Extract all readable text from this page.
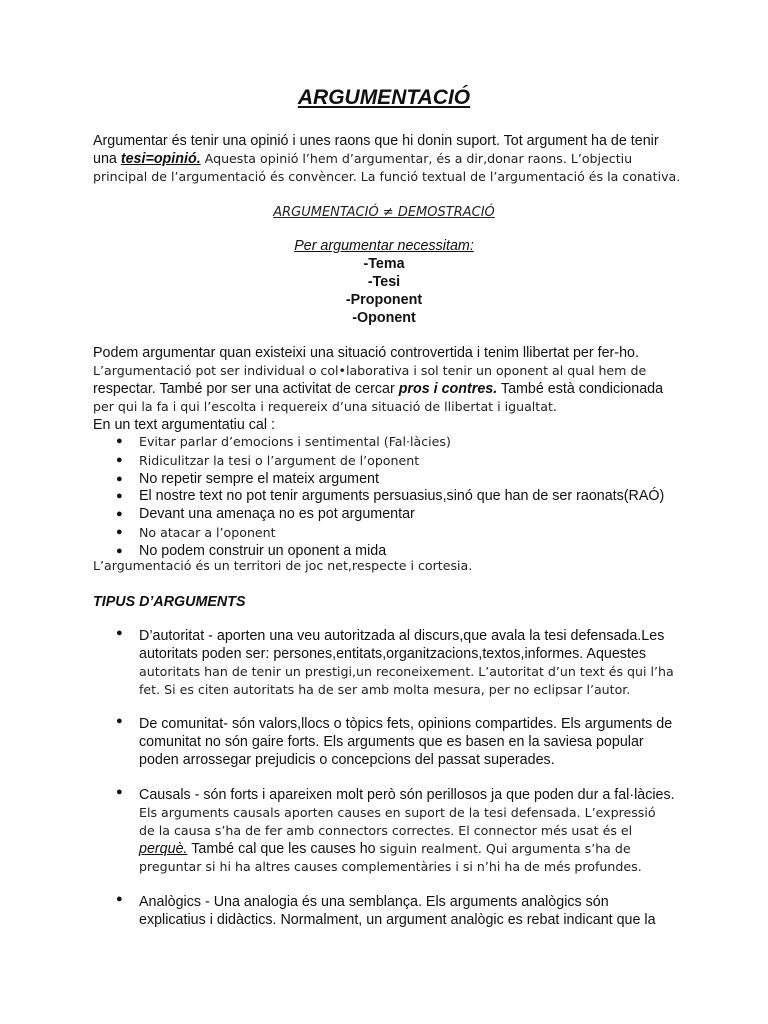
ARGUMENTACIÓ

Argumentar és tenir una opinió i unes raons que hi donin suport. Tot argument ha de tenir
una tesi=opinió. Aquesta opinió l’hem d’argumentar, és a dir,donar raons. L’objectiu
principal de l’argumentació és convèncer. La funció textual de l’argumentació és la conativa.

ARGUMENTACIÓ ≠ DEMOSTRACIÓ

Per argumentar necessitam:

-Tema
-Tesi
-Proponent
-Oponent

Podem argumentar quan existeixi una situació controvertida i tenim llibertat per fer-ho.
L’argumentació pot ser individual o col•laborativa i sol tenir un oponent al qual hem de
respectar. També por ser una activitat de cercar pros i contres. També està condicionada
per qui la fa i qui l’escolta i requereix d’una situació de llibertat i igualtat.
En un text argumentatiu cal :

● Evitar parlar d’emocions i sentimental (Fal·làcies)
● Ridiculitzar la tesi o l’argument de l’oponent
● No repetir sempre el mateix argument
● El nostre text no pot tenir arguments persuasius,sinó que han de ser raonats(RAÓ)
● Devant una amenaça no es pot argumentar
● No atacar a l’oponent
● No podem construir un oponent a mida

L’argumentació és un territori de joc net,respecte i cortesia.

TIPUS D’ARGUMENTS
● D’autoritat - aporten una veu autoritzada al discurs,que avala la tesi defensada.Les
autoritats poden ser: persones,entitats,organitzacions,textos,informes. Aquestes
autoritats han de tenir un prestigi,un reconeixement. L’autoritat d’un text és qui l’ha
fet. Si es citen autoritats ha de ser amb molta mesura, per no eclipsar l’autor.
● De comunitat- són valors,llocs o tòpics fets, opinions compartides. Els arguments de
comunitat no són gaire forts. Els arguments que es basen en la saviesa popular
poden arrossegar prejudicis o concepcions del passat superades.
● Causals - són forts i apareixen molt però són perillosos ja que poden dur a fal·làcies.
Els arguments causals aporten causes en suport de la tesi defensada. L’expressió
de la causa s’ha de fer amb connectors correctes. El connector més usat és el
perquè. També cal que les causes ho siguin realment. Qui argumenta s’ha de
preguntar si hi ha altres causes complementàries i si n’hi ha de més profundes.
● Analògics - Una analogia és una semblança. Els arguments analògics són
explicatius i didàctics. Normalment, un argument analògic es rebat indicant que la
